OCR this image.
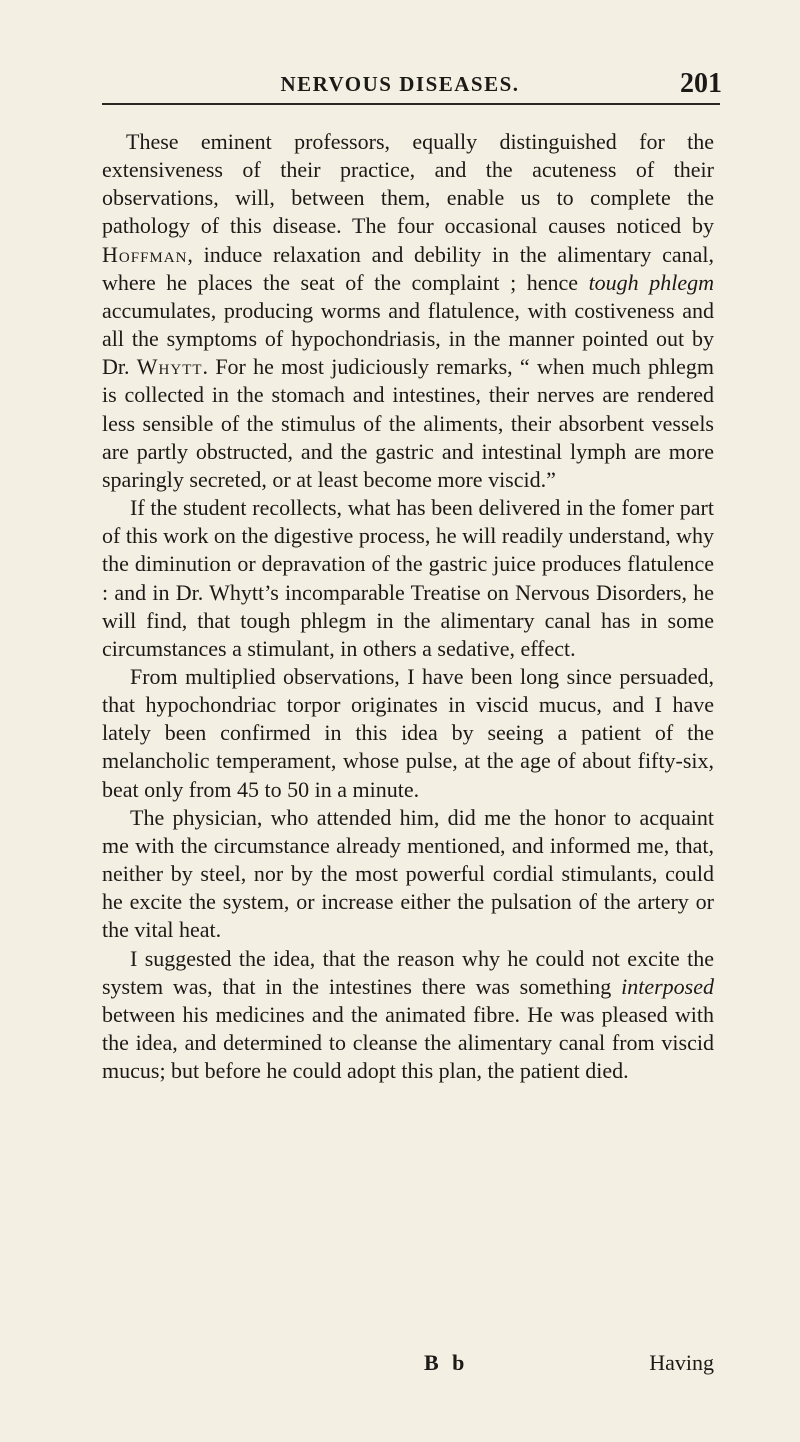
NERVOUS DISEASES.	201

These eminent professors, equally distinguished for the extensiveness of their practice, and the acuteness of their observations, will, between them, enable us to complete the pathology of this disease. The four occasional causes noticed by Hoffman, induce relaxation and debility in the alimentary canal, where he places the seat of the complaint ; hence tough phlegm accumulates, producing worms and flatulence, with costiveness and all the symptoms of hypochondriasis, in the manner pointed out by Dr. Whytt. For he most judiciously remarks, “ when much phlegm is collected in the stomach and intestines, their nerves are rendered less sensible of the stimulus of the aliments, their absorbent vessels are partly obstructed, and the gastric and intestinal lymph are more sparingly secreted, or at least become more viscid.”

If the student recollects, what has been delivered in the fomer part of this work on the digestive process, he will readily understand, why the diminution or depravation of the gastric juice produces flatulence : and in Dr. Whytt’s incomparable Treatise on Nervous Disorders, he will find, that tough phlegm in the alimentary canal has in some circumstances a stimulant, in others a sedative, effect.

From multiplied observations, I have been long since persuaded, that hypochondriac torpor originates in viscid mucus, and I have lately been confirmed in this idea by seeing a patient of the melancholic temperament, whose pulse, at the age of about fifty-six, beat only from 45 to 50 in a minute.

The physician, who attended him, did me the honor to acquaint me with the circumstance already mentioned, and informed me, that, neither by steel, nor by the most powerful cordial stimulants, could he excite the system, or increase either the pulsation of the artery or the vital heat.

I suggested the idea, that the reason why he could not excite the system was, that in the intestines there was something interposed between his medicines and the animated fibre. He was pleased with the idea, and determined to cleanse the alimentary canal from viscid mucus; but before he could adopt this plan, the patient died.

B b	Having
